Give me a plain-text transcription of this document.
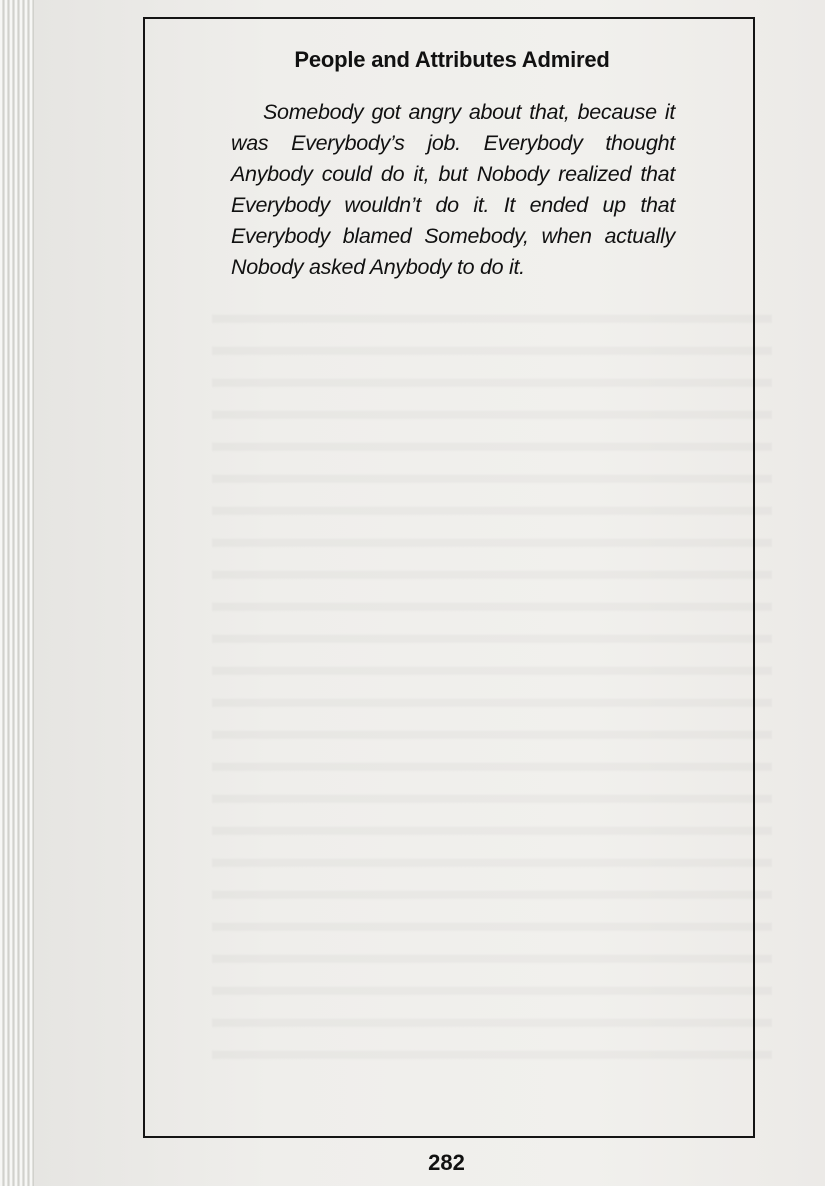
People and Attributes Admired

Somebody got angry about that, because it was Everybody’s job. Everybody thought Anybody could do it, but Nobody realized that Everybody wouldn’t do it. It ended up that Everybody blamed Somebody, when actually Nobody asked Anybody to do it.

282
